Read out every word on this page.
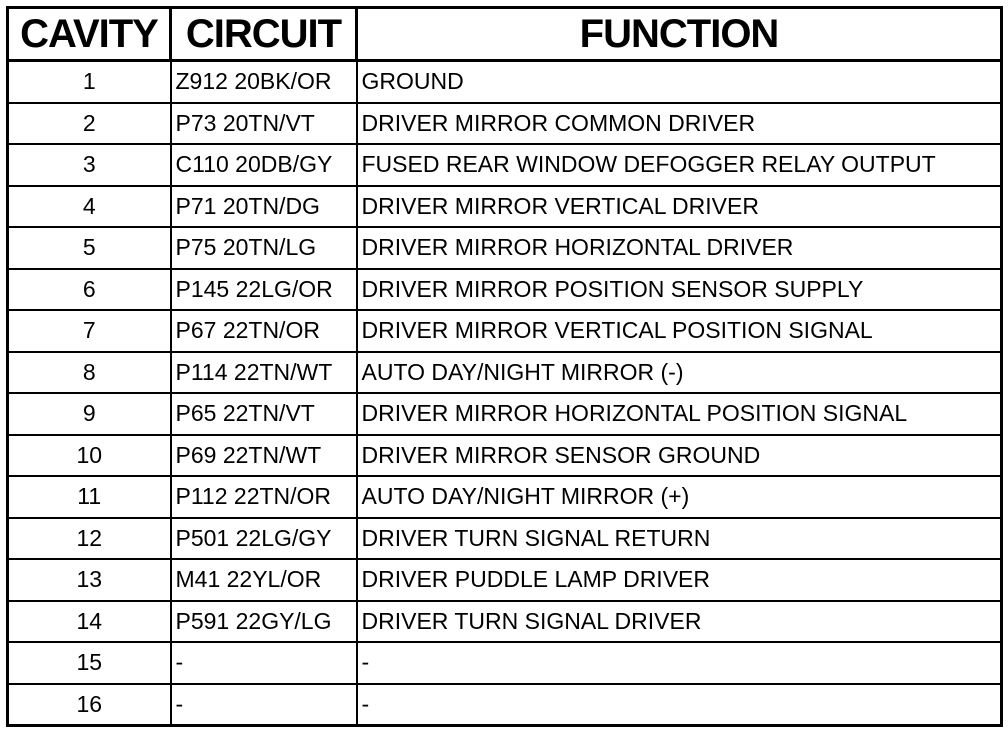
CAVITY	CIRCUIT	FUNCTION
1	Z912 20BK/OR	GROUND
2	P73 20TN/VT	DRIVER MIRROR COMMON DRIVER
3	C110 20DB/GY	FUSED REAR WINDOW DEFOGGER RELAY OUTPUT
4	P71 20TN/DG	DRIVER MIRROR VERTICAL DRIVER
5	P75 20TN/LG	DRIVER MIRROR HORIZONTAL DRIVER
6	P145 22LG/OR	DRIVER MIRROR POSITION SENSOR SUPPLY
7	P67 22TN/OR	DRIVER MIRROR VERTICAL POSITION SIGNAL
8	P114 22TN/WT	AUTO DAY/NIGHT MIRROR (-)
9	P65 22TN/VT	DRIVER MIRROR HORIZONTAL POSITION SIGNAL
10	P69 22TN/WT	DRIVER MIRROR SENSOR GROUND
11	P112 22TN/OR	AUTO DAY/NIGHT MIRROR (+)
12	P501 22LG/GY	DRIVER TURN SIGNAL RETURN
13	M41 22YL/OR	DRIVER PUDDLE LAMP DRIVER
14	P591 22GY/LG	DRIVER TURN SIGNAL DRIVER
15	-	-
16	-	-
